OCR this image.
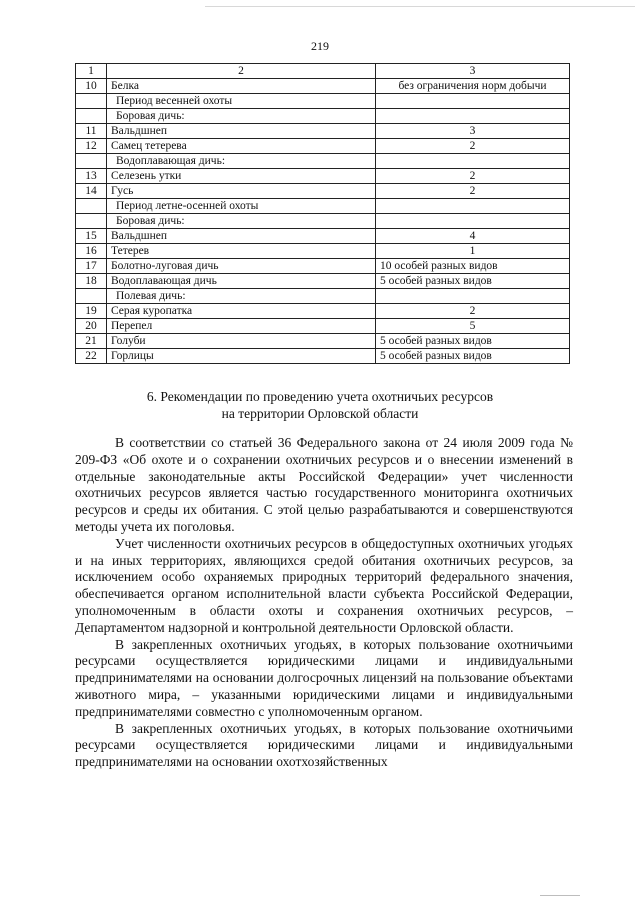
219
1	2	3
10	Белка	без ограничения норм добычи
	Период весенней охоты	
	Боровая дичь:	
11	Вальдшнеп	3
12	Самец тетерева	2
	Водоплавающая дичь:	
13	Селезень утки	2
14	Гусь	2
	Период летне-осенней охоты	
	Боровая дичь:	
15	Вальдшнеп	4
16	Тетерев	1
17	Болотно-луговая дичь	10 особей разных видов
18	Водоплавающая дичь	5 особей разных видов
	Полевая дичь:	
19	Серая куропатка	2
20	Перепел	5
21	Голуби	5 особей разных видов
22	Горлицы	5 особей разных видов
6. Рекомендации по проведению учета охотничьих ресурсов
на территории Орловской области

В соответствии со статьей 36 Федерального закона от 24 июля 2009 года № 209-ФЗ «Об охоте и о сохранении охотничьих ресурсов и о внесении изменений в отдельные законодательные акты Российской Федерации» учет численности охотничьих ресурсов является частью государственного мониторинга охотничьих ресурсов и среды их обитания. С этой целью разрабатываются и совершенствуются методы учета их поголовья.

Учет численности охотничьих ресурсов в общедоступных охотничьих угодьях и на иных территориях, являющихся средой обитания охотничьих ресурсов, за исключением особо охраняемых природных территорий федерального значения, обеспечивается органом исполнительной власти субъекта Российской Федерации, уполномоченным в области охоты и сохранения охотничьих ресурсов, – Департаментом надзорной и контрольной деятельности Орловской области.

В закрепленных охотничьих угодьях, в которых пользование охотничьими ресурсами осуществляется юридическими лицами и индивидуальными предпринимателями на основании долгосрочных лицензий на пользование объектами животного мира, – указанными юридическими лицами и индивидуальными предпринимателями совместно с уполномоченным органом.

В закрепленных охотничьих угодьях, в которых пользование охотничьими ресурсами осуществляется юридическими лицами и индивидуальными предпринимателями на основании охотхозяйственных
